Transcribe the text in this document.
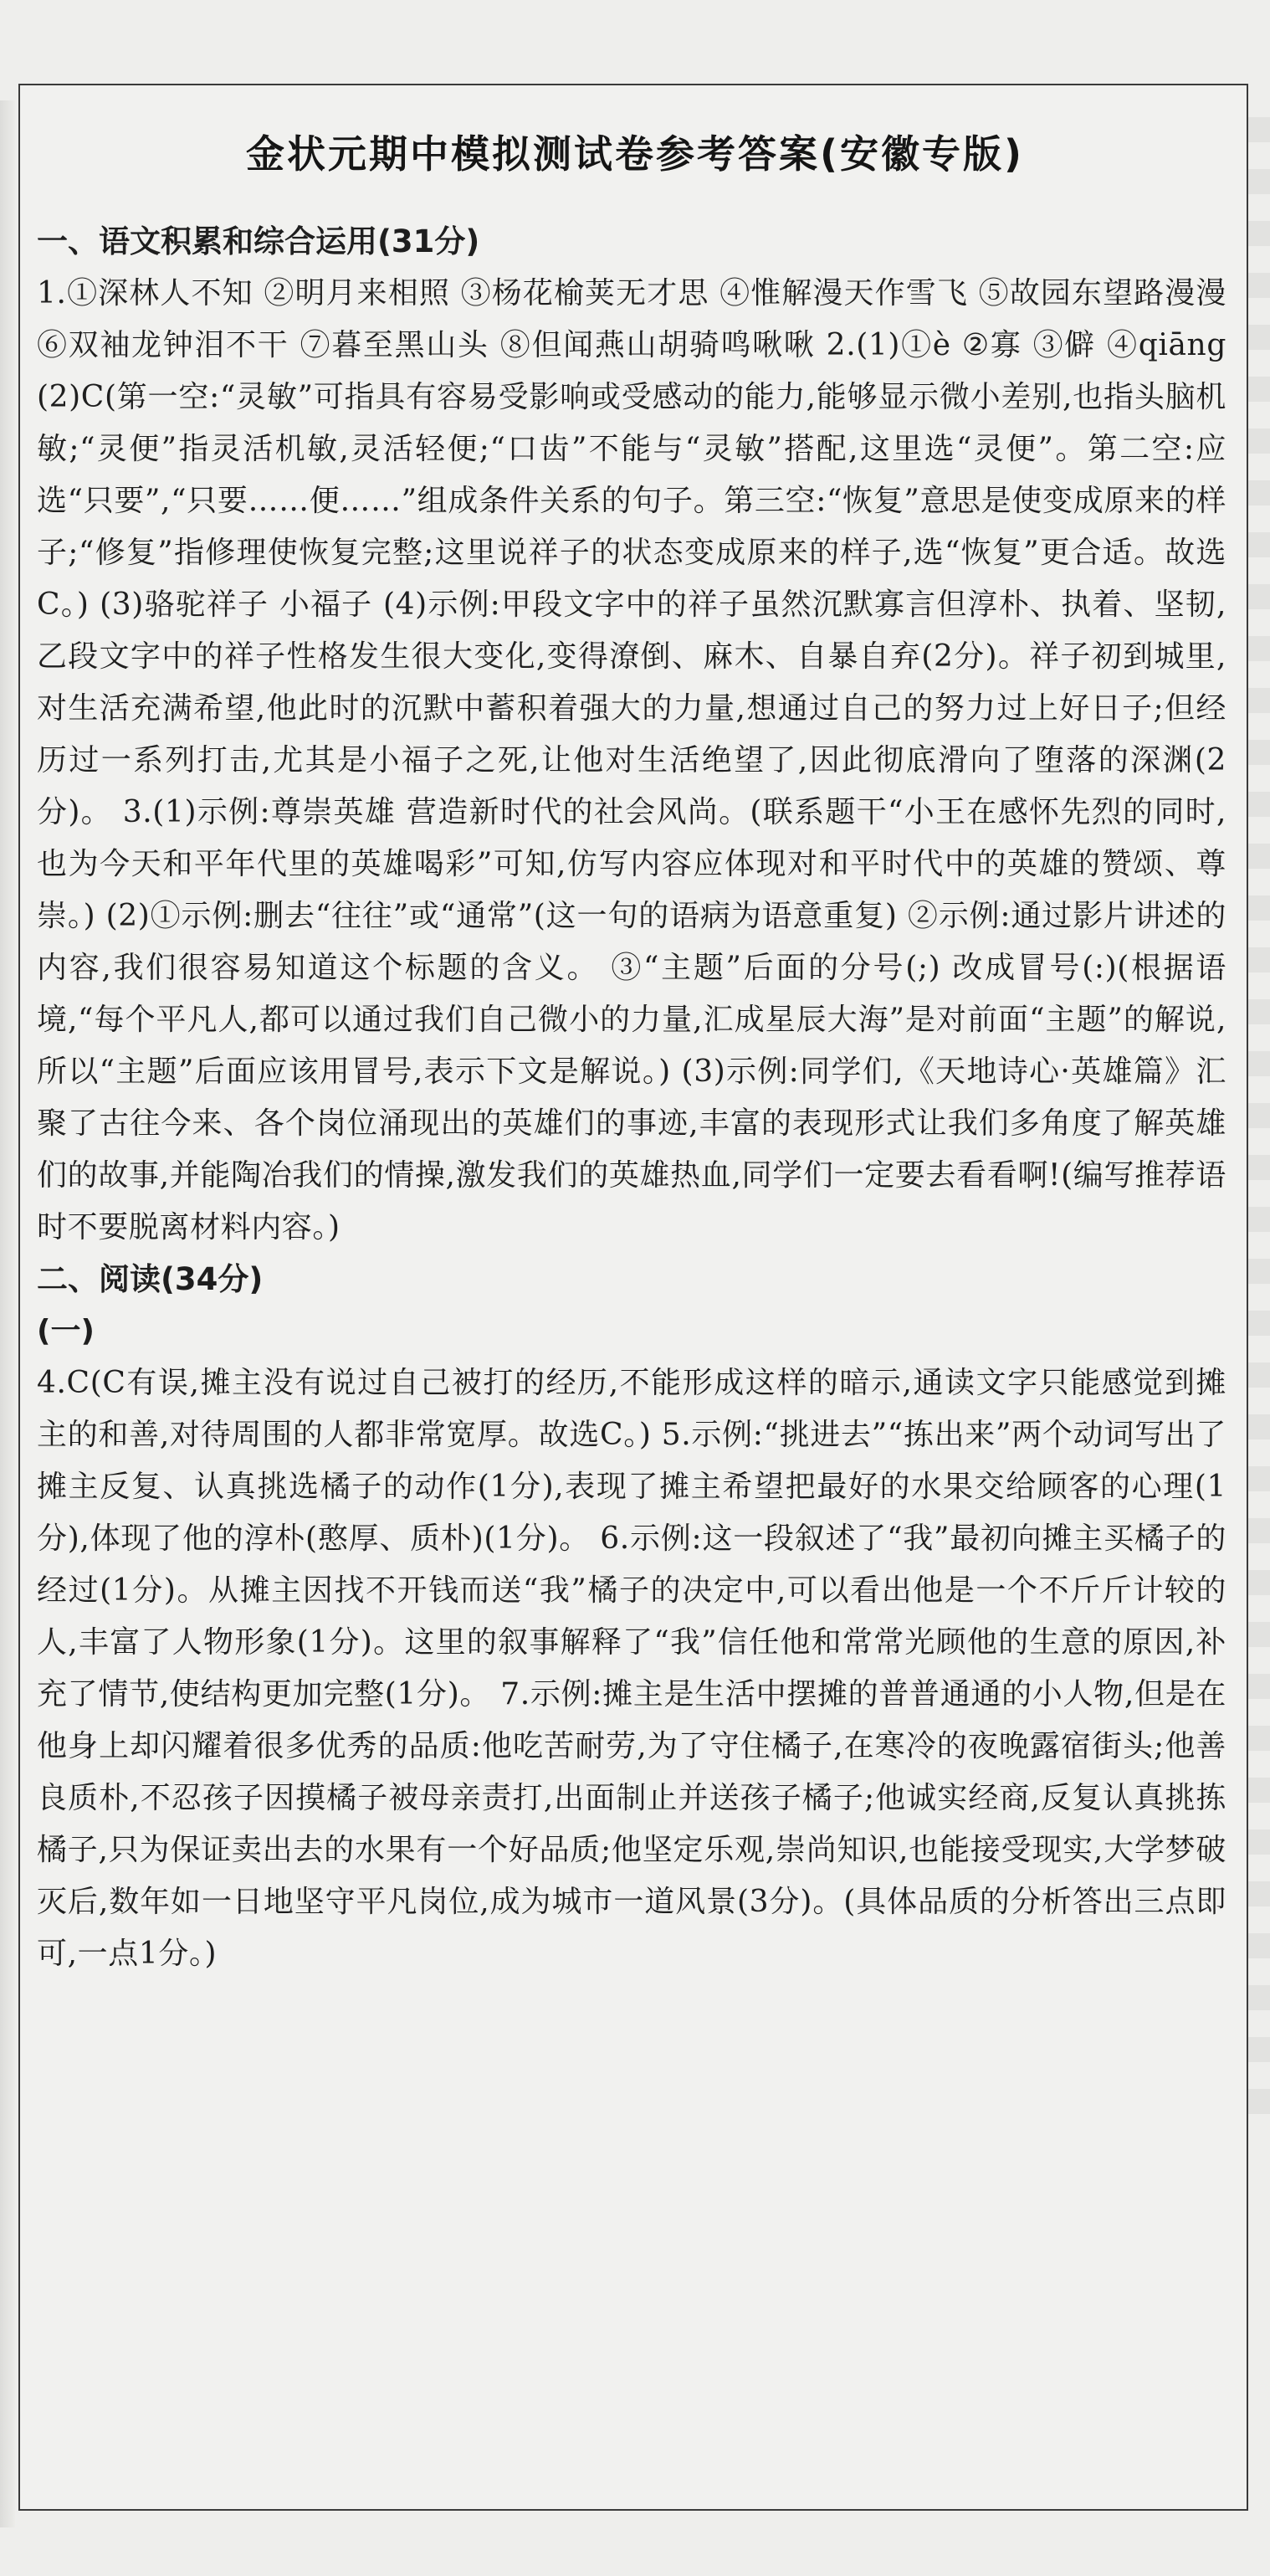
金状元期中模拟测试卷参考答案(安徽专版)
一、语文积累和综合运用(31分)
1.①深林人不知 ②明月来相照 ③杨花榆荚无才思 ④惟解漫天作雪飞 ⑤故园东望路漫漫 ⑥双袖龙钟泪不干 ⑦暮至黑山头 ⑧但闻燕山胡骑鸣啾啾 2.(1)①è ②寡 ③僻 ④qiāng (2)C(第一空:“灵敏”可指具有容易受影响或受感动的能力,能够显示微小差别,也指头脑机敏;“灵便”指灵活机敏,灵活轻便;“口齿”不能与“灵敏”搭配,这里选“灵便”。第二空:应选“只要”,“只要……便……”组成条件关系的句子。第三空:“恢复”意思是使变成原来的样子;“修复”指修理使恢复完整;这里说祥子的状态变成原来的样子,选“恢复”更合适。故选C。) (3)骆驼祥子 小福子 (4)示例:甲段文字中的祥子虽然沉默寡言但淳朴、执着、坚韧,乙段文字中的祥子性格发生很大变化,变得潦倒、麻木、自暴自弃(2分)。祥子初到城里,对生活充满希望,他此时的沉默中蓄积着强大的力量,想通过自己的努力过上好日子;但经历过一系列打击,尤其是小福子之死,让他对生活绝望了,因此彻底滑向了堕落的深渊(2分)。 3.(1)示例:尊崇英雄 营造新时代的社会风尚。(联系题干“小王在感怀先烈的同时,也为今天和平年代里的英雄喝彩”可知,仿写内容应体现对和平时代中的英雄的赞颂、尊崇。) (2)①示例:删去“往往”或“通常”(这一句的语病为语意重复) ②示例:通过影片讲述的内容,我们很容易知道这个标题的含义。 ③“主题”后面的分号(;) 改成冒号(:)(根据语境,“每个平凡人,都可以通过我们自己微小的力量,汇成星辰大海”是对前面“主题”的解说,所以“主题”后面应该用冒号,表示下文是解说。) (3)示例:同学们,《天地诗心·英雄篇》汇聚了古往今来、各个岗位涌现出的英雄们的事迹,丰富的表现形式让我们多角度了解英雄们的故事,并能陶冶我们的情操,激发我们的英雄热血,同学们一定要去看看啊!(编写推荐语时不要脱离材料内容。)
二、阅读(34分)
(一)
4.C(C有误,摊主没有说过自己被打的经历,不能形成这样的暗示,通读文字只能感觉到摊主的和善,对待周围的人都非常宽厚。故选C。) 5.示例:“挑进去”“拣出来”两个动词写出了摊主反复、认真挑选橘子的动作(1分),表现了摊主希望把最好的水果交给顾客的心理(1分),体现了他的淳朴(憨厚、质朴)(1分)。 6.示例:这一段叙述了“我”最初向摊主买橘子的经过(1分)。从摊主因找不开钱而送“我”橘子的决定中,可以看出他是一个不斤斤计较的人,丰富了人物形象(1分)。这里的叙事解释了“我”信任他和常常光顾他的生意的原因,补充了情节,使结构更加完整(1分)。 7.示例:摊主是生活中摆摊的普普通通的小人物,但是在他身上却闪耀着很多优秀的品质:他吃苦耐劳,为了守住橘子,在寒冷的夜晚露宿街头;他善良质朴,不忍孩子因摸橘子被母亲责打,出面制止并送孩子橘子;他诚实经商,反复认真挑拣橘子,只为保证卖出去的水果有一个好品质;他坚定乐观,崇尚知识,也能接受现实,大学梦破灭后,数年如一日地坚守平凡岗位,成为城市一道风景(3分)。(具体品质的分析答出三点即可,一点1分。)
